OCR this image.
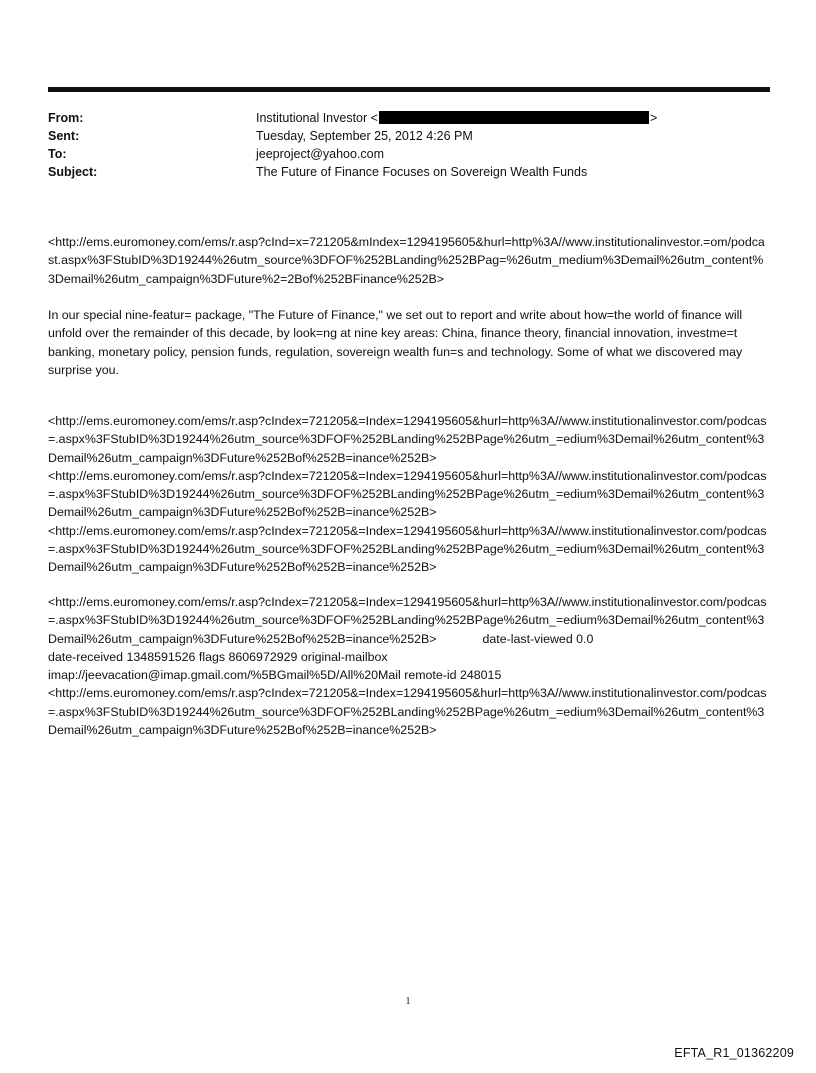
From:	Institutional Investor <	>
Sent:	Tuesday, September 25, 2012 4:26 PM
To:	jeeproject@yahoo.com
Subject:	The Future of Finance Focuses on Sovereign Wealth Funds
<http://ems.euromoney.com/ems/r.asp?cInd=x=721205&mIndex=1294195605&hurl=http%3A//www.institutionalinvestor.=om/podcast.aspx%3FStubID%3D19244%26utm_source%3DFOF%252BLanding%252BPag=%26utm_medium%3Demail%26utm_content%3Demail%26utm_campaign%3DFuture%2=2Bof%252BFinance%252B>
In our special nine-featur= package, "The Future of Finance," we set out to report and write about how=the world of finance will unfold over the remainder of this decade, by look=ng at nine key areas: China, finance theory, financial innovation, investme=t banking, monetary policy, pension funds, regulation, sovereign wealth fun=s and technology. Some of what we discovered may surprise you.
<http://ems.euromoney.com/ems/r.asp?cIndex=721205&=Index=1294195605&hurl=http%3A//www.institutionalinvestor.com/podcas=.aspx%3FStubID%3D19244%26utm_source%3DFOF%252BLanding%252BPage%26utm_=edium%3Demail%26utm_content%3Demail%26utm_campaign%3DFuture%252Bof%252B=inance%252B>
<http://ems.euromoney.com/ems/r.asp?cIndex=721205&=Index=1294195605&hurl=http%3A//www.institutionalinvestor.com/podcas=.aspx%3FStubID%3D19244%26utm_source%3DFOF%252BLanding%252BPage%26utm_=edium%3Demail%26utm_content%3Demail%26utm_campaign%3DFuture%252Bof%252B=inance%252B>
<http://ems.euromoney.com/ems/r.asp?cIndex=721205&=Index=1294195605&hurl=http%3A//www.institutionalinvestor.com/podcas=.aspx%3FStubID%3D19244%26utm_source%3DFOF%252BLanding%252BPage%26utm_=edium%3Demail%26utm_content%3Demail%26utm_campaign%3DFuture%252Bof%252B=inance%252B>
<http://ems.euromoney.com/ems/r.asp?cIndex=721205&=Index=1294195605&hurl=http%3A//www.institutionalinvestor.com/podcas=.aspx%3FStubID%3D19244%26utm_source%3DFOF%252BLanding%252BPage%26utm_=edium%3Demail%26utm_content%3Demail%26utm_campaign%3DFuture%252Bof%252B=inance%252B>	date-last-viewed 0.0
date-received 1348591526 flags 8606972929 original-mailbox
imap://jeevacation@imap.gmail.com/%5BGmail%5D/All%20Mail remote-id 248015
<http://ems.euromoney.com/ems/r.asp?cIndex=721205&=Index=1294195605&hurl=http%3A//www.institutionalinvestor.com/podcas=.aspx%3FStubID%3D19244%26utm_source%3DFOF%252BLanding%252BPage%26utm_=edium%3Demail%26utm_content%3Demail%26utm_campaign%3DFuture%252Bof%252B=inance%252B>
1
EFTA_R1_01362209
